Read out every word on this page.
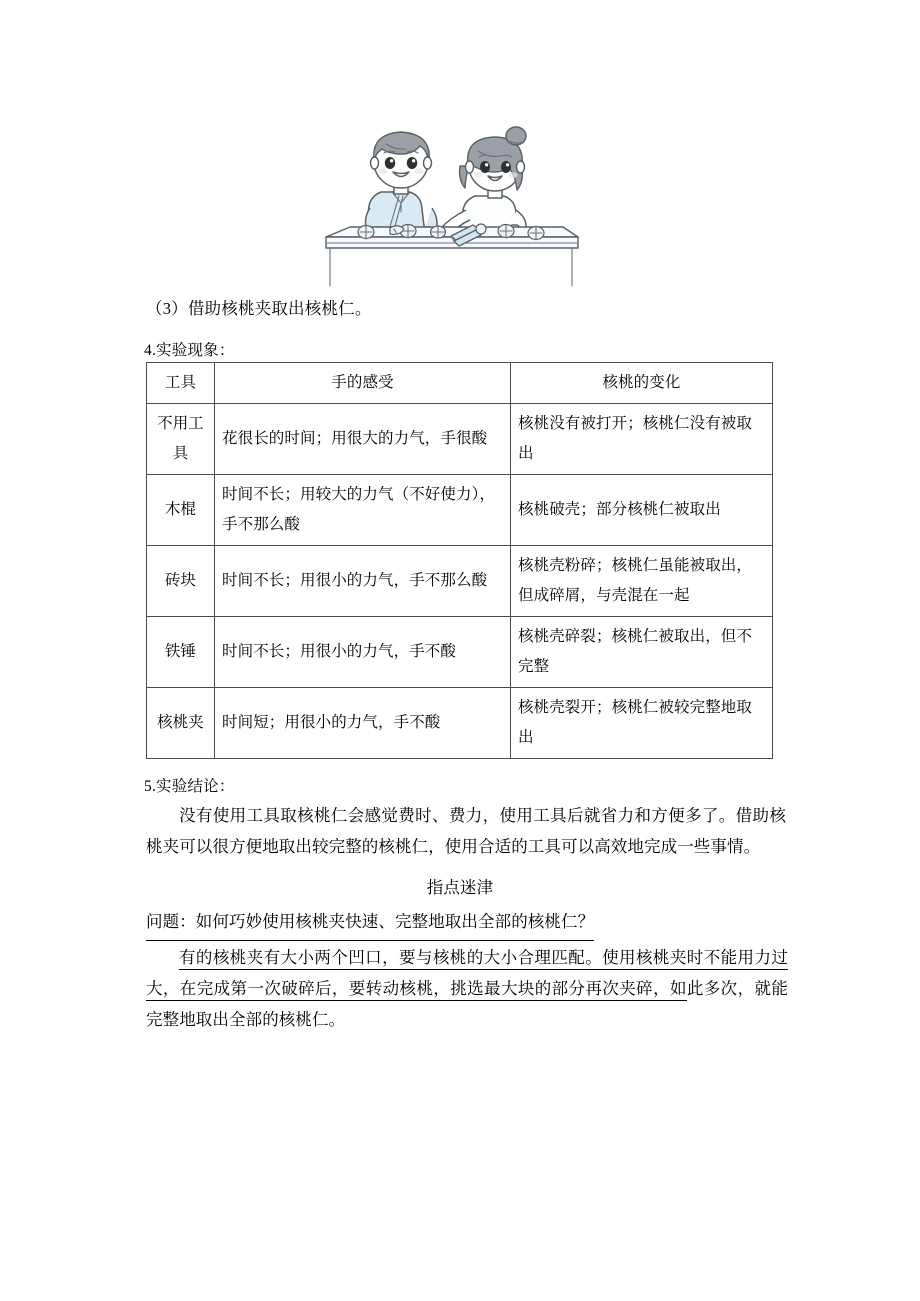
（3）借助核桃夹取出核桃仁。
4.实验现象：
工具	手的感受	核桃的变化
不用工具	花很长的时间；用很大的力气，手很酸	核桃没有被打开；核桃仁没有被取出
木棍	时间不长；用较大的力气（不好使力），手不那么酸	核桃破壳；部分核桃仁被取出
砖块	时间不长；用很小的力气，手不那么酸	核桃壳粉碎；核桃仁虽能被取出，但成碎屑，与壳混在一起
铁锤	时间不长；用很小的力气，手不酸	核桃壳碎裂；核桃仁被取出，但不完整
核桃夹	时间短；用很小的力气，手不酸	核桃壳裂开；核桃仁被较完整地取出
5.实验结论：
没有使用工具取核桃仁会感觉费时、费力，使用工具后就省力和方便多了。借助核桃夹可以很方便地取出较完整的核桃仁，使用合适的工具可以高效地完成一些事情。
指点迷津
问题：如何巧妙使用核桃夹快速、完整地取出全部的核桃仁？
有的核桃夹有大小两个凹口，要与核桃的大小合理匹配。使用核桃夹时不能用力过大，在完成第一次破碎后，要转动核桃，挑选最大块的部分再次夹碎，如此多次，就能完整地取出全部的核桃仁。
